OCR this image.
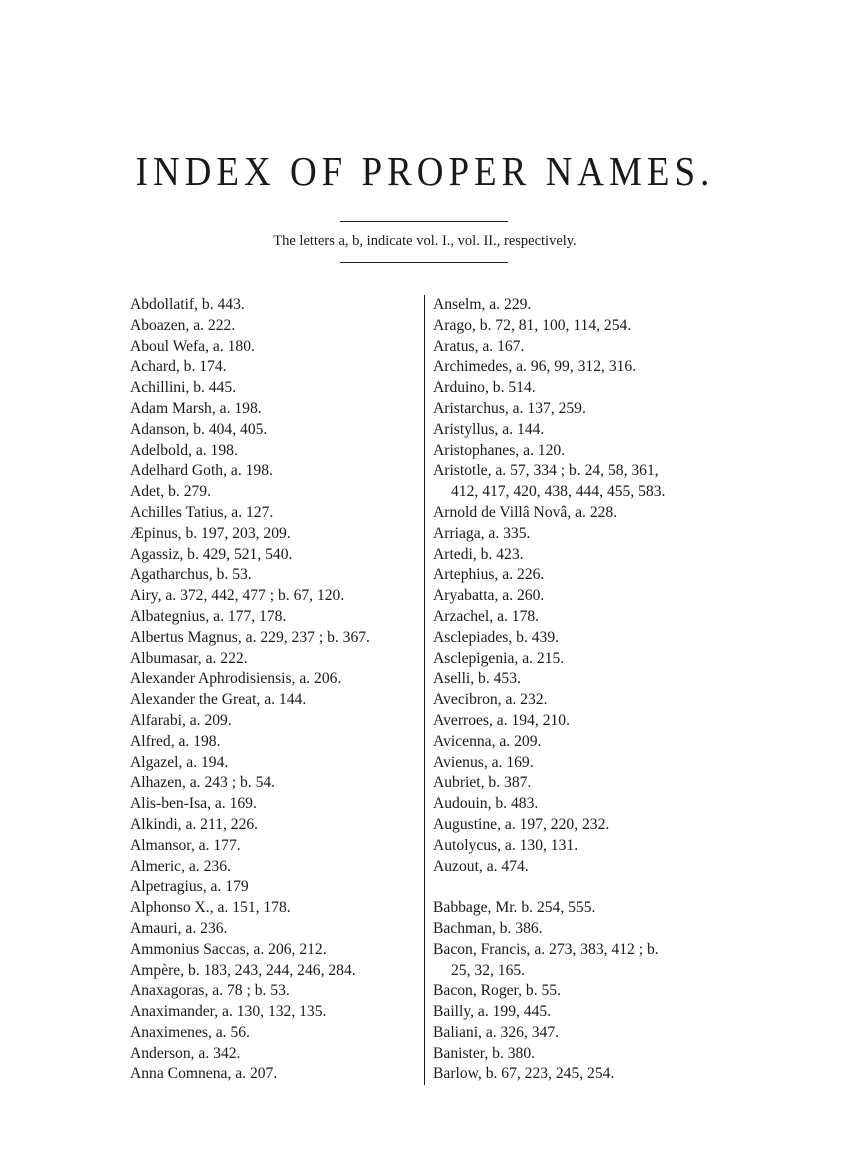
INDEX OF PROPER NAMES.
The letters a, b, indicate vol. I., vol. II., respectively.
Abdollatif, b. 443.
Aboazen, a. 222.
Aboul Wefa, a. 180.
Achard, b. 174.
Achillini, b. 445.
Adam Marsh, a. 198.
Adanson, b. 404, 405.
Adelbold, a. 198.
Adelhard Goth, a. 198.
Adet, b. 279.
Achilles Tatius, a. 127.
Æpinus, b. 197, 203, 209.
Agassiz, b. 429, 521, 540.
Agatharchus, b. 53.
Airy, a. 372, 442, 477 ; b. 67, 120.
Albategnius, a. 177, 178.
Albertus Magnus, a. 229, 237 ; b. 367.
Albumasar, a. 222.
Alexander Aphrodisiensis, a. 206.
Alexander the Great, a. 144.
Alfarabi, a. 209.
Alfred, a. 198.
Algazel, a. 194.
Alhazen, a. 243 ; b. 54.
Alis-ben-Isa, a. 169.
Alkindi, a. 211, 226.
Almansor, a. 177.
Almeric, a. 236.
Alpetragius, a. 179
Alphonso X., a. 151, 178.
Amauri, a. 236.
Ammonius Saccas, a. 206, 212.
Ampère, b. 183, 243, 244, 246, 284.
Anaxagoras, a. 78 ; b. 53.
Anaximander, a. 130, 132, 135.
Anaximenes, a. 56.
Anderson, a. 342.
Anna Comnena, a. 207.
Anselm, a. 229.
Arago, b. 72, 81, 100, 114, 254.
Aratus, a. 167.
Archimedes, a. 96, 99, 312, 316.
Arduino, b. 514.
Aristarchus, a. 137, 259.
Aristyllus, a. 144.
Aristophanes, a. 120.
Aristotle, a. 57, 334 ; b. 24, 58, 361,
412, 417, 420, 438, 444, 455, 583.
Arnold de Villâ Novâ, a. 228.
Arriaga, a. 335.
Artedi, b. 423.
Artephius, a. 226.
Aryabatta, a. 260.
Arzachel, a. 178.
Asclepiades, b. 439.
Asclepigenia, a. 215.
Aselli, b. 453.
Avecibron, a. 232.
Averroes, a. 194, 210.
Avicenna, a. 209.
Avienus, a. 169.
Aubriet, b. 387.
Audouin, b. 483.
Augustine, a. 197, 220, 232.
Autolycus, a. 130, 131.
Auzout, a. 474.
Babbage, Mr. b. 254, 555.
Bachman, b. 386.
Bacon, Francis, a. 273, 383, 412 ; b.
25, 32, 165.
Bacon, Roger, b. 55.
Bailly, a. 199, 445.
Baliani, a. 326, 347.
Banister, b. 380.
Barlow, b. 67, 223, 245, 254.
